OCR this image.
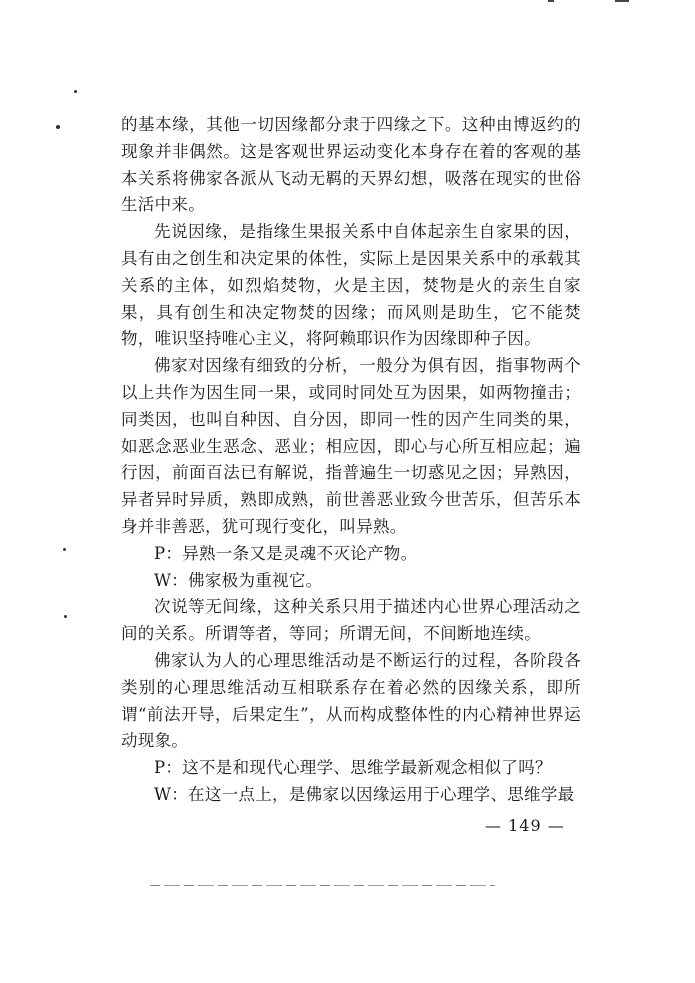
的基本缘，其他一切因缘都分隶于四缘之下。这种由博返约的现象并非偶然。这是客观世界运动变化本身存在着的客观的基本关系将佛家各派从飞动无羁的天界幻想，吸落在现实的世俗生活中来。

先说因缘，是指缘生果报关系中自体起亲生自家果的因，具有由之创生和决定果的体性，实际上是因果关系中的承载其关系的主体，如烈焰焚物，火是主因，焚物是火的亲生自家果，具有创生和决定物焚的因缘；而风则是助生，它不能焚物，唯识坚持唯心主义，将阿赖耶识作为因缘即种子因。

佛家对因缘有细致的分析，一般分为俱有因，指事物两个以上共作为因生同一果，或同时同处互为因果，如两物撞击；同类因，也叫自种因、自分因，即同一性的因产生同类的果，如恶念恶业生恶念、恶业；相应因，即心与心所互相应起；遍行因，前面百法已有解说，指普遍生一切惑见之因；异熟因，异者异时异质，熟即成熟，前世善恶业致今世苦乐，但苦乐本身并非善恶，犹可现行变化，叫异熟。

P：异熟一条又是灵魂不灭论产物。

W：佛家极为重视它。

次说等无间缘，这种关系只用于描述内心世界心理活动之间的关系。所谓等者，等同；所谓无间，不间断地连续。

佛家认为人的心理思维活动是不断运行的过程，各阶段各类别的心理思维活动互相联系存在着必然的因缘关系，即所谓“前法开导，后果定生”，从而构成整体性的内心精神世界运动现象。

P：这不是和现代心理学、思维学最新观念相似了吗？

W：在这一点上，是佛家以因缘运用于心理学、思维学最

— 149 —
